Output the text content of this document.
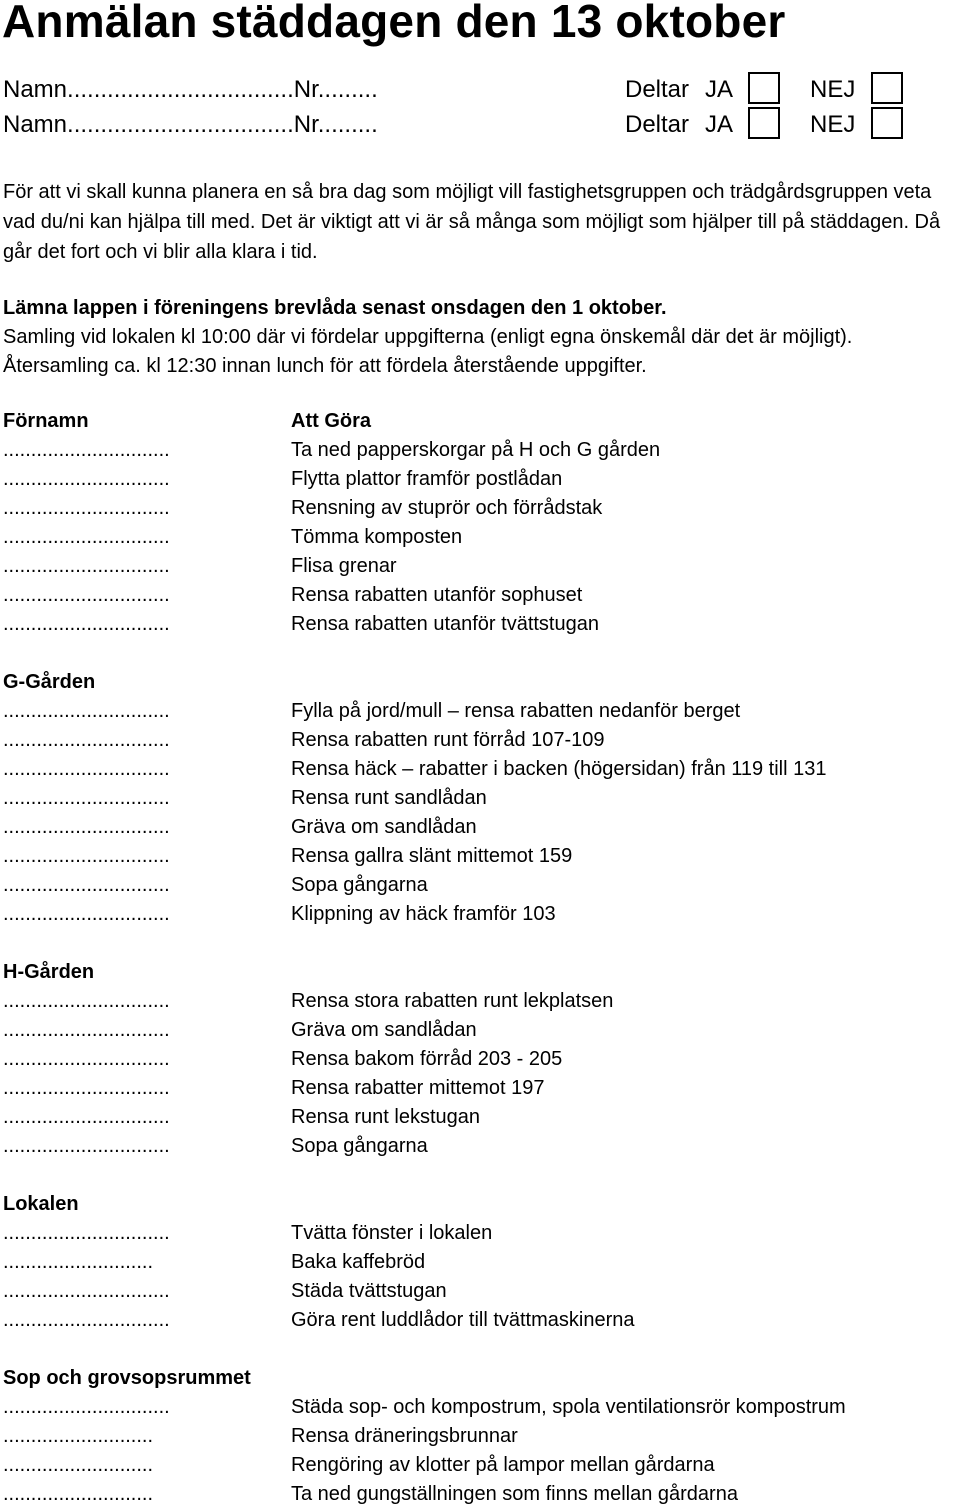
Anmälan städdagen den 13 oktober
Namn..................................Nr.........	Deltar JA	NEJ
Namn..................................Nr.........	Deltar JA	NEJ

För att vi skall kunna planera en så bra dag som möjligt vill fastighetsgruppen och trädgårdsgruppen veta vad du/ni kan hjälpa till med. Det är viktigt att vi är så många som möjligt som hjälper till på städdagen. Då går det fort och vi blir alla klara i tid.

Lämna lappen i föreningens brevlåda senast onsdagen den 1 oktober.
Samling vid lokalen kl 10:00 där vi fördelar uppgifterna (enligt egna önskemål där det är möjligt).
Återsamling ca. kl 12:30 innan lunch för att fördela återstående uppgifter.
Förnamn	Att Göra
..............................	Ta ned papperskorgar på H och G gården
..............................	Flytta plattor framför postlådan
..............................	Rensning av stuprör och förrådstak
..............................	Tömma komposten
..............................	Flisa grenar
..............................	Rensa rabatten utanför sophuset
..............................	Rensa rabatten utanför tvättstugan
G-Gården
..............................	Fylla på jord/mull – rensa rabatten nedanför berget
..............................	Rensa rabatten runt förråd 107-109
..............................	Rensa häck – rabatter i backen (högersidan) från 119 till 131
..............................	Rensa runt sandlådan
..............................	Gräva om sandlådan
..............................	Rensa gallra slänt mittemot 159
..............................	Sopa gångarna
..............................	Klippning av häck framför 103
H-Gården
..............................	Rensa stora rabatten runt lekplatsen
..............................	Gräva om sandlådan
..............................	Rensa bakom förråd 203 - 205
..............................	Rensa rabatter mittemot 197
..............................	Rensa runt lekstugan
..............................	Sopa gångarna
Lokalen
..............................	Tvätta fönster i lokalen
...........................	Baka kaffebröd
..............................	Städa tvättstugan
..............................	Göra rent luddlådor till tvättmaskinerna
Sop och grovsopsrummet
..............................	Städa sop- och kompostrum, spola ventilationsrör kompostrum
...........................	Rensa dräneringsbrunnar
...........................	Rengöring av klotter på lampor mellan gårdarna
...........................	Ta ned gungställningen som finns mellan gårdarna
